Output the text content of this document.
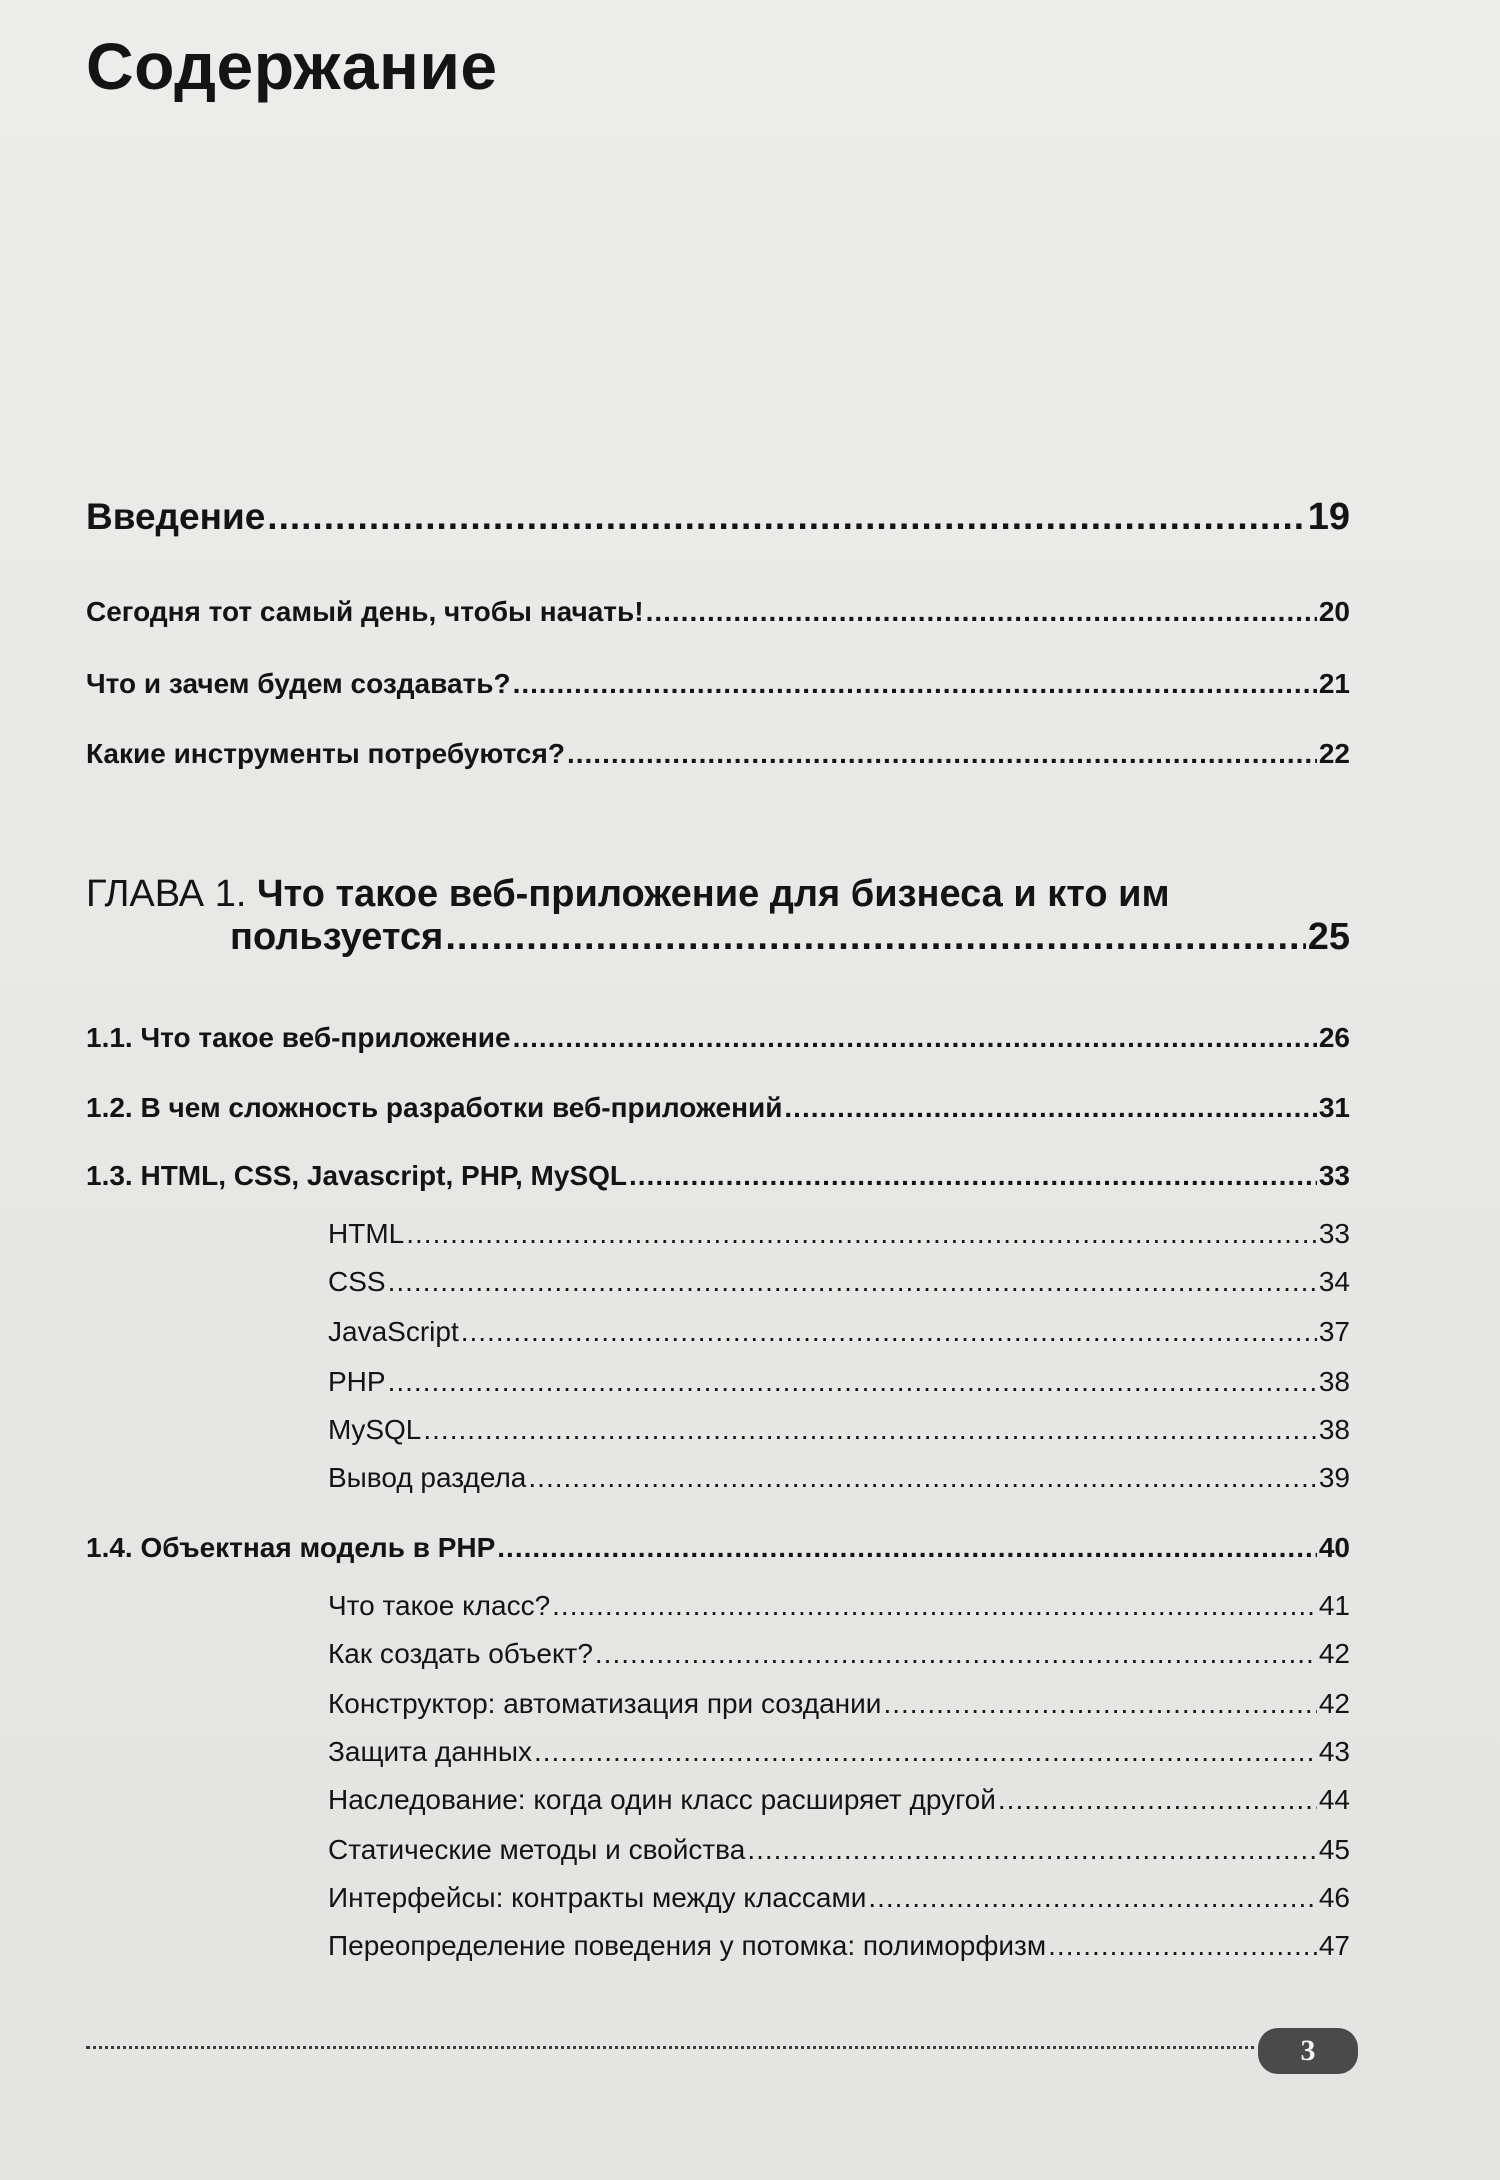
Содержание
Введение .....	19
Сегодня тот самый день, чтобы начать! .....	20
Что и зачем будем создавать? .....	21
Какие инструменты потребуются? .....	22
ГЛАВА 1. Что такое веб-приложение для бизнеса и кто им
пользуется .....	25
1.1. Что такое веб-приложение .....	26
1.2. В чем сложность разработки веб-приложений .....	31
1.3. HTML, CSS, Javascript, PHP, MySQL .....	33
HTML .....	33
CSS .....	34
JavaScript .....	37
PHP .....	38
MySQL .....	38
Вывод раздела .....	39
1.4. Объектная модель в PHP .....	40
Что такое класс? .....	41
Как создать объект? .....	42
Конструктор: автоматизация при создании .....	42
Защита данных .....	43
Наследование: когда один класс расширяет другой .....	44
Статические методы и свойства .....	45
Интерфейсы: контракты между классами .....	46
Переопределение поведения у потомка: полиморфизм .....	47
3
